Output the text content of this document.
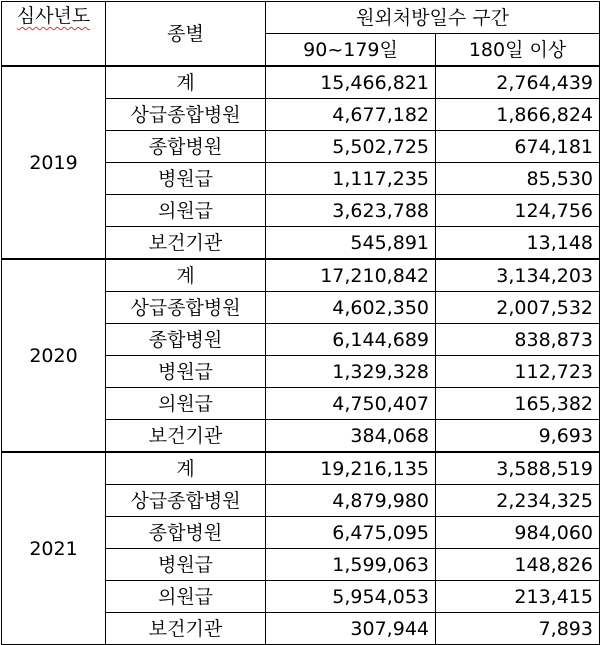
심사년도	종별	원외처방일수 구간	
		90~179일	180일 이상
2019	계	15,466,821	2,764,439
	상급종합병원	4,677,182	1,866,824
	종합병원	5,502,725	674,181
	병원급	1,117,235	85,530
	의원급	3,623,788	124,756
	보건기관	545,891	13,148
2020	계	17,210,842	3,134,203
	상급종합병원	4,602,350	2,007,532
	종합병원	6,144,689	838,873
	병원급	1,329,328	112,723
	의원급	4,750,407	165,382
	보건기관	384,068	9,693
2021	계	19,216,135	3,588,519
	상급종합병원	4,879,980	2,234,325
	종합병원	6,475,095	984,060
	병원급	1,599,063	148,826
	의원급	5,954,053	213,415
	보건기관	307,944	7,893
